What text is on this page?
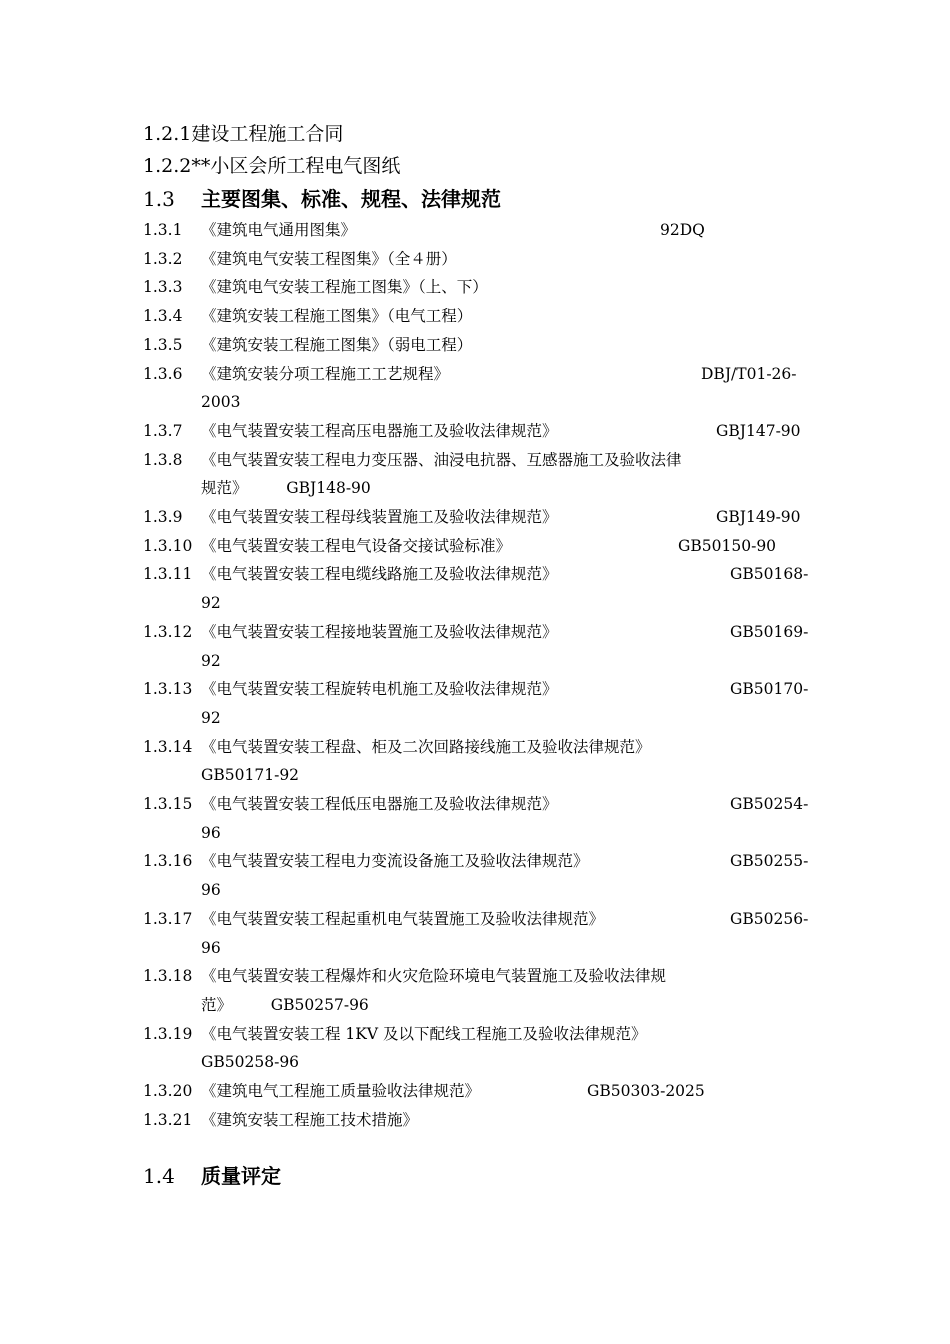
1.2.1建设工程施工合同
1.2.2**小区会所工程电气图纸
1.3 主要图集、标准、规程、法律规范
1.3.1 《建筑电气通用图集》	92DQ
1.3.2 《建筑电气安装工程图集》（全４册）
1.3.3 《建筑电气安装工程施工图集》（上、下）
1.3.4 《建筑安装工程施工图集》（电气工程）
1.3.5 《建筑安装工程施工图集》（弱电工程）
1.3.6 《建筑安装分项工程施工工艺规程》	DBJ/T01-26-
2003
1.3.7 《电气装置安装工程高压电器施工及验收法律规范》	GBJ147-90
1.3.8 《电气装置安装工程电力变压器、油浸电抗器、互感器施工及验收法律
规范》　　　GBJ148-90
1.3.9 《电气装置安装工程母线装置施工及验收法律规范》	GBJ149-90
1.3.10 《电气装置安装工程电气设备交接试验标准》	GB50150-90
1.3.11 《电气装置安装工程电缆线路施工及验收法律规范》	GB50168-
92
1.3.12 《电气装置安装工程接地装置施工及验收法律规范》	GB50169-
92
1.3.13 《电气装置安装工程旋转电机施工及验收法律规范》	GB50170-
92
1.3.14 《电气装置安装工程盘、柜及二次回路接线施工及验收法律规范》
GB50171-92
1.3.15 《电气装置安装工程低压电器施工及验收法律规范》	GB50254-
96
1.3.16 《电气装置安装工程电力变流设备施工及验收法律规范》	GB50255-
96
1.3.17 《电气装置安装工程起重机电气装置施工及验收法律规范》	GB50256-
96
1.3.18 《电气装置安装工程爆炸和火灾危险环境电气装置施工及验收法律规
范》　　　GB50257-96
1.3.19 《电气装置安装工程 1KV 及以下配线工程施工及验收法律规范》
GB50258-96
1.3.20 《建筑电气工程施工质量验收法律规范》	GB50303-2025
1.3.21 《建筑安装工程施工技术措施》
1.4 质量评定
